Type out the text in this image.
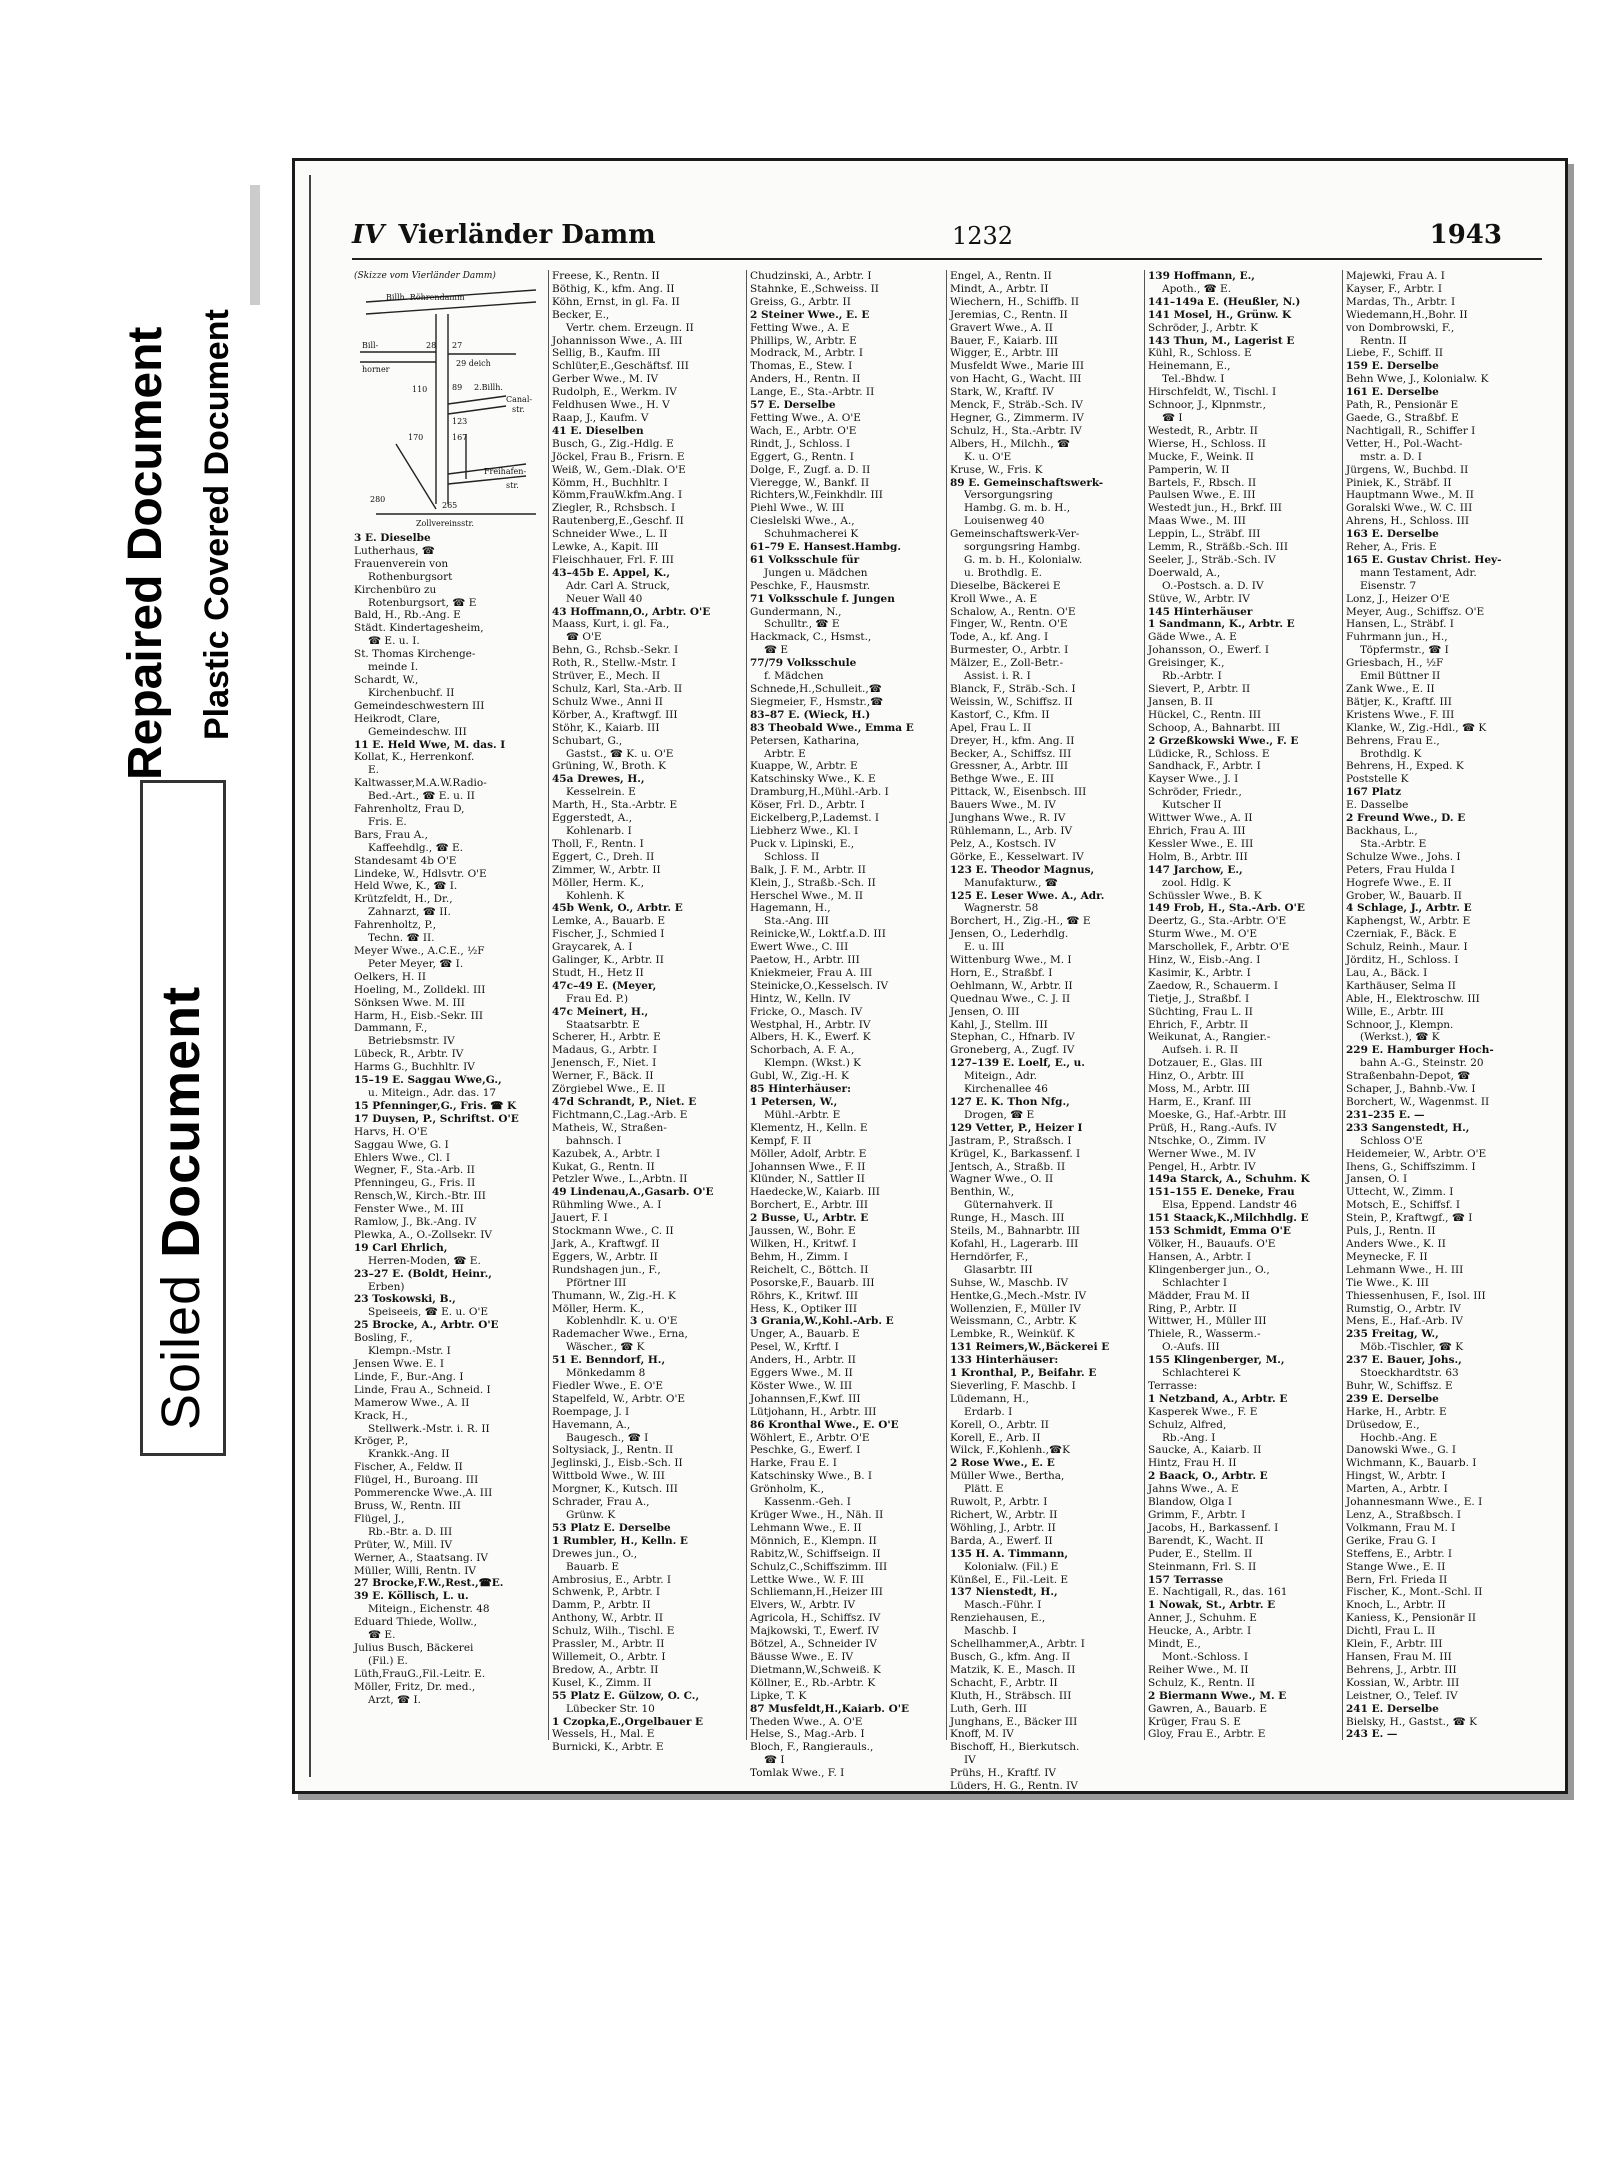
Repaired Document Plastic Covered Document
Soiled Document
IV Vierländer Damm	1232	1943
(Skizze vom Vierländer Damm)
Billh. Röhrendamm
Bill-
horner
28 27
29 deich
110	89 2.Billh.
123
Canal-
str.
170	167
Freihafen-
str.
280
265
Zollvereinsstr.
3 E. Dieselbe
Lutherhaus, ☎
Frauenverein von
Rothenburgsort
Kirchenbüro zu
Rotenburgsort, ☎ E
Bald, H., Rb.-Ang. E
Städt. Kindertagesheim,
☎ E. u. I.
St. Thomas Kirchenge-
meinde I.
Schardt, W.,
Kirchenbuchf. II
Gemeindeschwestern III
Heikrodt, Clare,
Gemeindeschw. III
11 E. Held Wwe, M. das. I
Kollat, K., Herrenkonf.
E.
Kaltwasser,M.A.W.Radio-
Bed.-Art., ☎ E. u. II
Fahrenholtz, Frau D,
Fris. E.
Bars, Frau A.,
Kaffeehdlg., ☎ E.
Standesamt 4b O'E
Lindeke, W., Hdlsvtr. O'E
Held Wwe, K., ☎ I.
Krützfeldt, H., Dr.,
Zahnarzt, ☎ II.
Fahrenholtz, P.,
Techn. ☎ II.
Meyer Wwe., A.C.E., ½F
Peter Meyer, ☎ I.
Oelkers, H. II
Hoeling, M., Zolldekl. III
Sönksen Wwe. M. III
Harm, H., Eisb.-Sekr. III
Dammann, F.,
Betriebsmstr. IV
Lübeck, R., Arbtr. IV
Harms G., Buchhltr. IV
15–19 E. Saggau Wwe,G.,
u. Miteign., Adr. das. 17
15 Pfenninger,G., Fris. ☎ K
17 Duysen, P., Schriftst. O'E
Harvs, H. O'E
Saggau Wwe, G. I
Ehlers Wwe., Cl. I
Wegner, F., Sta.-Arb. II
Pfenningeu, G., Fris. II
Rensch,W., Kirch.-Btr. III
Fenster Wwe., M. III
Ramlow, J., Bk.-Ang. IV
Plewka, A., O.-Zollsekr. IV
19 Carl Ehrlich,
Herren-Moden, ☎ E.
23–27 E. (Boldt, Heinr.,
Erben)
23 Toskowski, B.,
Speiseeis, ☎ E. u. O'E
25 Brocke, A., Arbtr. O'E
Bosling, F.,
Klempn.-Mstr. I
Jensen Wwe. E. I
Linde, F., Bur.-Ang. I
Linde, Frau A., Schneid. I
Mamerow Wwe., A. II
Krack, H.,
Stellwerk.-Mstr. i. R. II
Kröger, P.,
Krankk.-Ang. II
Fischer, A., Feldw. II
Flügel, H., Buroang. III
Pommerencke Wwe.,A. III
Bruss, W., Rentn. III
Flügel, J.,
Rb.-Btr. a. D. III
Prüter, W., Mill. IV
Werner, A., Staatsang. IV
Müller, Willi, Rentn. IV
27 Brocke,F.W.,Rest.,☎E.
39 E. Köllisch, L. u.
Miteign., Eichenstr. 48
Eduard Thiede, Wollw.,
☎ E.
Julius Busch, Bäckerei
(Fil.) E.
Lüth,FrauG.,Fil.-Leitr. E.
Möller, Fritz, Dr. med.,
Arzt, ☎ I.
Freese, K., Rentn. II
Böthig, K., kfm. Ang. II
Köhn, Ernst, in gl. Fa. II
Becker, E.,
Vertr. chem. Erzeugn. II
Johannisson Wwe., A. III
Sellig, B., Kaufm. III
Schlüter,E.,Geschäftsf. III
Gerber Wwe., M. IV
Rudolph, E., Werkm. IV
Feldhusen Wwe., H. V
Raap, J., Kaufm. V
41 E. Dieselben
Busch, G., Zig.-Hdlg. E
Jöckel, Frau B., Frisrn. E
Weiß, W., Gem.-Dlak. O'E
Kömm, H., Buchhltr. I
Kömm,FrauW.kfm.Ang. I
Ziegler, R., Rchsbsch. I
Rautenberg,E.,Geschf. II
Schneider Wwe., L. II
Lewke, A., Kapit. III
Fleischhauer, Frl. F. III
43–45b E. Appel, K.,
Adr. Carl A. Struck,
Neuer Wall 40
43 Hoffmann,O., Arbtr. O'E
Maass, Kurt, i. gl. Fa.,
☎ O'E
Behn, G., Rchsb.-Sekr. I
Roth, R., Stellw.-Mstr. I
Strüver, E., Mech. II
Schulz, Karl, Sta.-Arb. II
Schulz Wwe., Anni II
Körber, A., Kraftwgf. III
Stöhr, K., Kaiarb. III
Schubart, G.,
Gastst., ☎ K. u. O'E
Grüning, W., Broth. K
45a Drewes, H.,
Kesselrein. E
Marth, H., Sta.-Arbtr. E
Eggerstedt, A.,
Kohlenarb. I
Tholl, F., Rentn. I
Eggert, C., Dreh. II
Zimmer, W., Arbtr. II
Möller, Herm. K.,
Kohlenh. K
45b Wenk, O., Arbtr. E
Lemke, A., Bauarb. E
Fischer, J., Schmied I
Graycarek, A. I
Galinger, K., Arbtr. II
Studt, H., Hetz II
47c–49 E. (Meyer,
Frau Ed. P.)
47c Meinert, H.,
Staatsarbtr. E
Scherer, H., Arbtr. E
Madaus, G., Arbtr. I
Jenensch, F., Niet. I
Werner, F., Bäck. II
Zörgiebel Wwe., E. II
47d Schrandt, P., Niet. E
Fichtmann,C.,Lag.-Arb. E
Matheis, W., Straßen-
bahnsch. I
Kazubek, A., Arbtr. I
Kukat, G., Rentn. II
Petzler Wwe., L.,Arbtn. II
49 Lindenau,A.,Gasarb. O'E
Rühmling Wwe., A. I
Jauert, F. I
Stockmann Wwe., C. II
Jark, A., Kraftwgf. II
Eggers, W., Arbtr. II
Rundshagen jun., F.,
Pförtner III
Thumann, W., Zig.-H. K
Möller, Herm. K.,
Koblenhdlr. K. u. O'E
Rademacher Wwe., Erna,
Wäscher., ☎ K
51 E. Benndorf, H.,
Mönkedamm 8
Fiedler Wwe., E. O'E
Stapelfeld, W., Arbtr. O'E
Roempage, J. I
Havemann, A.,
Baugesch., ☎ I
Soltysiack, J., Rentn. II
Jeglinski, J., Eisb.-Sch. II
Wittbold Wwe., W. III
Morgner, K., Kutsch. III
Schrader, Frau A.,
Grünw. K
53 Platz E. Derselbe
1 Rumbler, H., Kelln. E
Drewes jun., O.,
Bauarb. E
Ambrosius, E., Arbtr. I
Schwenk, P., Arbtr. I
Damm, P., Arbtr. II
Anthony, W., Arbtr. II
Schulz, Wilh., Tischl. E
Prassler, M., Arbtr. II
Willemeit, O., Arbtr. I
Bredow, A., Arbtr. II
Kusel, K., Zimm. II
55 Platz E. Gülzow, O. C.,
Lübecker Str. 10
1 Czopka,E.,Orgelbauer E
Wessels, H., Mal. E
Burnicki, K., Arbtr. E
Chudzinski, A., Arbtr. I
Stahnke, E.,Schweiss. II
Greiss, G., Arbtr. II
2 Steiner Wwe., E. E
Fetting Wwe., A. E
Phillips, W., Arbtr. E
Modrack, M., Arbtr. I
Thomas, E., Stew. I
Anders, H., Rentn. II
Lange, E., Sta.-Arbtr. II
57 E. Derselbe
Fetting Wwe., A. O'E
Wach, E., Arbtr. O'E
Rindt, J., Schloss. I
Eggert, G., Rentn. I
Dolge, F., Zugf. a. D. II
Vieregge, W., Bankf. II
Richters,W.,Feinkhdlr. III
Piehl Wwe., W. III
Cieslelski Wwe., A.,
Schuhmacherei K
61–79 E. Hansest.Hambg.
61 Volksschule für
Jungen u. Mädchen
Peschke, F., Hausmstr.
71 Volksschule f. Jungen
Gundermann, N.,
Schulltr., ☎ E
Hackmack, C., Hsmst.,
☎ E
77/79 Volksschule
f. Mädchen
Schnede,H.,Schulleit.,☎
Siegmeier, F., Hsmstr.,☎
83–87 E. (Wieck, H.)
83 Theobald Wwe., Emma E
Petersen, Katharina,
Arbtr. E
Kuappe, W., Arbtr. E
Katschinsky Wwe., K. E
Dramburg,H.,Mühl.-Arb. I
Köser, Frl. D., Arbtr. I
Eickelberg,P.,Lademst. I
Liebherz Wwe., Kl. I
Puck v. Lipinski, E.,
Schloss. II
Balk, J. F. M., Arbtr. II
Klein, J., Straßb.-Sch. II
Herschel Wwe., M. II
Hagemann, H.,
Sta.-Ang. III
Reinicke,W., Loktf.a.D. III
Ewert Wwe., C. III
Paetow, H., Arbtr. III
Kniekmeier, Frau A. III
Steinicke,O.,Kesselsch. IV
Hintz, W., Kelln. IV
Fricke, O., Masch. IV
Westphal, H., Arbtr. IV
Albers, H. K., Ewerf. K
Schorbach, A. F. A.,
Klempn. (Wkst.) K
Gubl, W., Zig.-H. K
85 Hinterhäuser:
1 Petersen, W.,
Mühl.-Arbtr. E
Klementz, H., Kelln. E
Kempf, F. II
Möller, Adolf, Arbtr. E
Johannsen Wwe., F. II
Klünder, N., Sattler II
Haedecke,W., Kaiarb. III
Borchert, E., Arbtr. III
2 Busse, U., Arbtr. E
Jaussen, W., Bohr. E
Wilken, H., Kritwf. I
Behm, H., Zimm. I
Reichelt, C., Böttch. II
Posorske,F., Bauarb. III
Röhrs, K., Kritwf. III
Hess, K., Optiker III
3 Grania,W.,Kohl.-Arb. E
Unger, A., Bauarb. E
Pesel, W., Krftf. I
Anders, H., Arbtr. II
Eggers Wwe., M. II
Köster Wwe., W. III
Johannsen,F.,Kwf. III
Lütjohann, H., Arbtr. III
86 Kronthal Wwe., E. O'E
Wöhlert, E., Arbtr. O'E
Peschke, G., Ewerf. I
Harke, Frau E. I
Katschinsky Wwe., B. I
Grönholm, K.,
Kassenm.-Geh. I
Krüger Wwe., H., Näh. II
Lehmann Wwe., E. II
Mönnich, E., Klempn. II
Rabitz,W., Schiffseign. II
Schulz,C.,Schiffszimm. III
Lettke Wwe., W. F. III
Schliemann,H.,Heizer III
Elvers, W., Arbtr. IV
Agricola, H., Schiffsz. IV
Majkowski, T., Ewerf. IV
Bötzel, A., Schneider IV
Bäusse Wwe., E. IV
Dietmann,W.,Schweiß. K
Köllner, E., Rb.-Arbtr. K
Lipke, T. K
87 Musfeldt,H.,Kaiarb. O'E
Theden Wwe., A. O'E
Helse, S., Mag.-Arb. I
Bloch, F., Rangierauls.,
☎ I
Tomlak Wwe., F. I
Engel, A., Rentn. II
Mindt, A., Arbtr. II
Wiechern, H., Schiffb. II
Jeremias, C., Rentn. II
Gravert Wwe., A. II
Bauer, F., Kaiarb. III
Wigger, E., Arbtr. III
Musfeldt Wwe., Marie III
von Hacht, G., Wacht. III
Stark, W., Kraftf. IV
Menck, F., Sträb.-Sch. IV
Hegner, G., Zimmerm. IV
Schulz, H., Sta.-Arbtr. IV
Albers, H., Milchh., ☎
K. u. O'E
Kruse, W., Fris. K
89 E. Gemeinschaftswerk-
Versorgungsring
Hambg. G. m. b. H.,
Louisenweg 40
Gemeinschaftswerk-Ver-
sorgungsring Hambg.
G. m. b. H., Kolonialw.
u. Brothdlg. E.
Dieselbe, Bäckerei E
Kroll Wwe., A. E
Schalow, A., Rentn. O'E
Finger, W., Rentn. O'E
Tode, A., kf. Ang. I
Burmester, O., Arbtr. I
Mälzer, E., Zoll-Betr.-
Assist. i. R. I
Blanck, F., Sträb.-Sch. I
Weissin, W., Schiffsz. II
Kastorf, C., Kfm. II
Apel, Frau L. II
Dreyer, H., kfm. Ang. II
Becker, A., Schiffsz. III
Gressner, A., Arbtr. III
Bethge Wwe., E. III
Pittack, W., Eisenbsch. III
Bauers Wwe., M. IV
Junghans Wwe., R. IV
Rühlemann, L., Arb. IV
Pelz, A., Kostsch. IV
Görke, E., Kesselwart. IV
123 E. Theodor Magnus,
Manufakturw., ☎
125 E. Leser Wwe. A., Adr.
Wagnerstr. 58
Borchert, H., Zig.-H., ☎ E
Jensen, O., Lederhdlg.
E. u. III
Wittenburg Wwe., M. I
Horn, E., Straßbf. I
Oehlmann, W., Arbtr. II
Quednau Wwe., C. J. II
Jensen, O. III
Kahl, J., Stellm. III
Stephan, C., Hfnarb. IV
Groneberg, A., Zugf. IV
127–139 E. Loelf, E., u.
Miteign., Adr.
Kirchenallee 46
127 E. K. Thon Nfg.,
Drogen, ☎ E
129 Vetter, P., Heizer I
Jastram, P., Straßsch. I
Krügel, K., Barkassenf. I
Jentsch, A., Straßb. II
Wagner Wwe., O. II
Benthin, W.,
Güternahverk. II
Runge, H., Masch. III
Steils, M., Bahnarbtr. III
Kofahl, H., Lagerarb. III
Herndörfer, F.,
Glasarbtr. III
Suhse, W., Maschb. IV
Hentke,G.,Mech.-Mstr. IV
Wollenzien, F., Müller IV
Weissmann, C., Arbtr. K
Lembke, R., Weinküf. K
131 Reimers,W.,Bäckerei E
133 Hinterhäuser:
1 Kronthal, P., Beifahr. E
Sieverling, F. Maschb. I
Lüdemann, H.,
Erdarb. I
Korell, O., Arbtr. II
Korell, E., Arb. II
Wilck, F.,Kohlenh.,☎K
2 Rose Wwe., E. E
Müller Wwe., Bertha,
Plätt. E
Ruwolt, P., Arbtr. I
Richert, W., Arbtr. II
Wöhling, J., Arbtr. II
Barda, A., Ewerf. II
135 H. A. Timmann,
Kolonialw. (Fil.) E
Künßel, E., Fil.-Leit. E
137 Nienstedt, H.,
Masch.-Führ. I
Renziehausen, E.,
Maschb. I
Schellhammer,A., Arbtr. I
Busch, G., kfm. Ang. II
Matzik, K. E., Masch. II
Schacht, F., Arbtr. II
Kluth, H., Sträbsch. III
Luth, Gerh. III
Junghans, E., Bäcker III
Knoff, M. IV
Bischoff, H., Bierkutsch.
IV
Prühs, H., Kraftf. IV
Lüders, H. G., Rentn. IV
139 Hoffmann, E.,
Apoth., ☎ E.
141–149a E. (Heußler, N.)
141 Mosel, H., Grünw. K
Schröder, J., Arbtr. K
143 Thun, M., Lagerist E
Kühl, R., Schloss. E
Heinemann, E.,
Tel.-Bhdw. I
Hirschfeldt, W., Tischl. I
Schnoor, J., Klpnmstr.,
☎ I
Westedt, R., Arbtr. II
Wierse, H., Schloss. II
Mucke, F., Weink. II
Pamperin, W. II
Bartels, F., Rbsch. II
Paulsen Wwe., E. III
Westedt jun., H., Brkf. III
Maas Wwe., M. III
Leppin, L., Sträbf. III
Lemm, R., Sträßb.-Sch. III
Seeler, J., Sträb.-Sch. IV
Doerwald, A.,
O.-Postsch. a. D. IV
Stüve, W., Arbtr. IV
145 Hinterhäuser
1 Sandmann, K., Arbtr. E
Gäde Wwe., A. E
Johansson, O., Ewerf. I
Greisinger, K.,
Rb.-Arbtr. I
Sievert, P., Arbtr. II
Jansen, B. II
Hückel, C., Rentn. III
Schoop, A., Bahnarbt. III
2 Grzeßkowski Wwe., F. E
Lüdicke, R., Schloss. E
Sandhack, F., Arbtr. I
Kayser Wwe., J. I
Schröder, Friedr.,
Kutscher II
Wittwer Wwe., A. II
Ehrich, Frau A. III
Kessler Wwe., E. III
Holm, B., Arbtr. III
147 Jarchow, E.,
zool. Hdlg. K
Schüssler Wwe., B. K
149 Frob, H., Sta.-Arb. O'E
Deertz, G., Sta.-Arbtr. O'E
Sturm Wwe., M. O'E
Marschollek, F., Arbtr. O'E
Hinz, W., Eisb.-Ang. I
Kasimir, K., Arbtr. I
Zaedow, R., Schauerm. I
Tietje, J., Straßbf. I
Süchting, Frau L. II
Ehrich, F., Arbtr. II
Weikunat, A., Rangier.-
Aufseh. i. R. II
Dotzauer, E., Glas. III
Hinz, O., Arbtr. III
Moss, M., Arbtr. III
Harm, E., Kranf. III
Moeske, G., Haf.-Arbtr. III
Prüß, H., Rang.-Aufs. IV
Ntschke, O., Zimm. IV
Werner Wwe., M. IV
Pengel, H., Arbtr. IV
149a Starck, A., Schuhm. K
151–155 E. Deneke, Frau
Elsa, Eppend. Landstr 46
151 Staack,K.,Milchhdlg. E
153 Schmidt, Emma O'E
Völker, H., Bauaufs. O'E
Hansen, A., Arbtr. I
Klingenberger jun., O.,
Schlachter I
Mädder, Frau M. II
Ring, P., Arbtr. II
Wittwer, H., Müller III
Thiele, R., Wasserm.-
O.-Aufs. III
155 Klingenberger, M.,
Schlachterei K
Terrasse:
1 Netzband, A., Arbtr. E
Kasperek Wwe., F. E
Schulz, Alfred,
Rb.-Ang. I
Saucke, A., Kaiarb. II
Hintz, Frau H. II
2 Baack, O., Arbtr. E
Jahns Wwe., A. E
Blandow, Olga I
Grimm, F., Arbtr. I
Jacobs, H., Barkassenf. I
Barendt, K., Wacht. II
Puder, E., Stellm. II
Steinmann, Frl. S. II
157 Terrasse
E. Nachtigall, R., das. 161
1 Nowak, St., Arbtr. E
Anner, J., Schuhm. E
Heucke, A., Arbtr. I
Mindt, E.,
Mont.-Schloss. I
Reiher Wwe., M. II
Schulz, K., Rentn. II
2 Biermann Wwe., M. E
Gawren, A., Bauarb. E
Krüger, Frau S. E
Gloy, Frau E., Arbtr. E
Majewki, Frau A. I
Kayser, F., Arbtr. I
Mardas, Th., Arbtr. I
Wiedemann,H.,Bohr. II
von Dombrowski, F.,
Rentn. II
Liebe, F., Schiff. II
159 E. Derselbe
Behn Wwe, J., Kolonialw. K
161 E. Derselbe
Path, R., Pensionär E
Gaede, G., Straßbf. E
Nachtigall, R., Schiffer I
Vetter, H., Pol.-Wacht-
mstr. a. D. I
Jürgens, W., Buchbd. II
Piniek, K., Sträbf. II
Hauptmann Wwe., M. II
Goralski Wwe., W. C. III
Ahrens, H., Schloss. III
163 E. Derselbe
Reher, A., Fris. E
165 E. Gustav Christ. Hey-
mann Testament, Adr.
Eisenstr. 7
Lonz, J., Heizer O'E
Meyer, Aug., Schiffsz. O'E
Hansen, L., Sträbf. I
Fuhrmann jun., H.,
Töpfermstr., ☎ I
Griesbach, H., ½F
Emil Büttner II
Zank Wwe., E. II
Bätjer, K., Kraftf. III
Kristens Wwe., F. III
Klanke, W., Zig.-Hdl., ☎ K
Behrens, Frau E.,
Brothdlg. K
Behrens, H., Exped. K
Poststelle K
167 Platz
E. Dasselbe
2 Freund Wwe., D. E
Backhaus, L.,
Sta.-Arbtr. E
Schulze Wwe., Johs. I
Peters, Frau Hulda I
Hogrefe Wwe., E. II
Grober, W., Bauarb. II
4 Schlage, J., Arbtr. E
Kaphengst, W., Arbtr. E
Czerniak, F., Bäck. E
Schulz, Reinh., Maur. I
Jörditz, H., Schloss. I
Lau, A., Bäck. I
Karthäuser, Selma II
Able, H., Elektroschw. III
Wille, E., Arbtr. III
Schnoor, J., Klempn.
(Werkst.), ☎ K
229 E. Hamburger Hoch-
bahn A.-G., Steinstr. 20
Straßenbahn-Depot, ☎
Schaper, J., Bahnb.-Vw. I
Borchert, W., Wagenmst. II
231–235 E. —
233 Sangenstedt, H.,
Schloss O'E
Heidemeier, W., Arbtr. O'E
Ihens, G., Schiffszimm. I
Jansen, O. I
Uttecht, W., Zimm. I
Motsch, E., Schiffsf. I
Stein, P., Kraftwgf., ☎ I
Puls, J., Rentn. II
Anders Wwe., K. II
Meynecke, F. II
Lehmann Wwe., H. III
Tie Wwe., K. III
Thiessenhusen, F., Isol. III
Rumstig, O., Arbtr. IV
Mens, E., Haf.-Arb. IV
235 Freitag, W.,
Möb.-Tischler, ☎ K
237 E. Bauer, Johs.,
Stoeckhardtstr. 63
Buhr, W., Schiffsz. E
239 E. Derselbe
Harke, H., Arbtr. E
Drüsedow, E.,
Hochb.-Ang. E
Danowski Wwe., G. I
Wichmann, K., Bauarb. I
Hingst, W., Arbtr. I
Marten, A., Arbtr. I
Johannesmann Wwe., E. I
Lenz, A., Straßbsch. I
Volkmann, Frau M. I
Gerike, Frau G. I
Steffens, E., Arbtr. I
Stange Wwe., E. II
Bern, Frl. Frieda II
Fischer, K., Mont.-Schl. II
Knoch, L., Arbtr. II
Kaniess, K., Pensionär II
Dichtl, Frau L. II
Klein, F., Arbtr. III
Hansen, Frau M. III
Behrens, J., Arbtr. III
Kossian, W., Arbtr. III
Leistner, O., Telef. IV
241 E. Derselbe
Bielsky, H., Gastst., ☎ K
243 E. —
